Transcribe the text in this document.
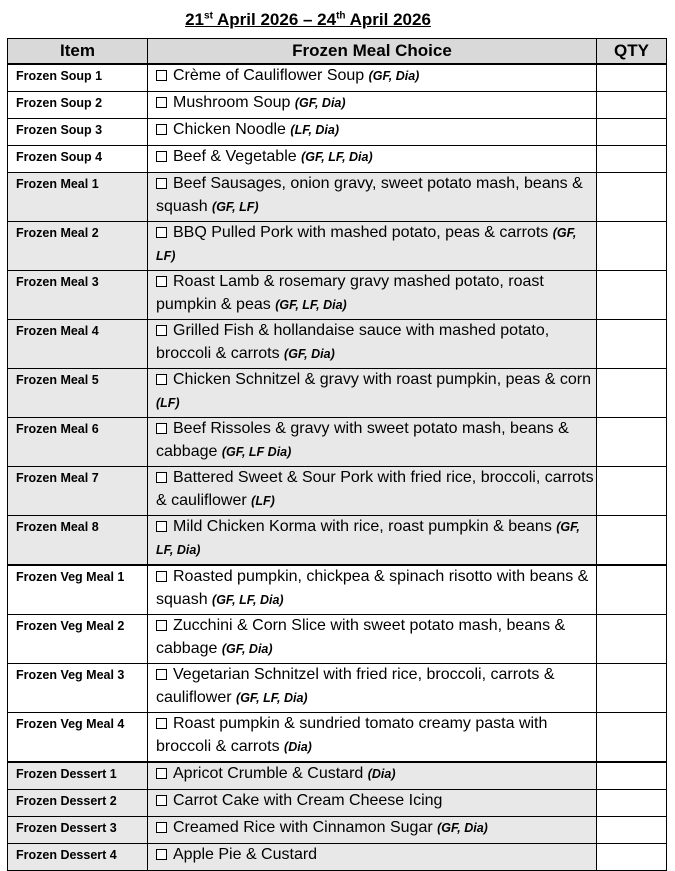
21st April 2026 – 24th April 2026
Item	Frozen Meal Choice	QTY
Frozen Soup 1	Crème of Cauliflower Soup (GF, Dia)	
Frozen Soup 2	Mushroom Soup (GF, Dia)	
Frozen Soup 3	Chicken Noodle (LF, Dia)	
Frozen Soup 4	Beef & Vegetable (GF, LF, Dia)	
Frozen Meal 1	Beef Sausages, onion gravy, sweet potato mash, beans & squash (GF, LF)	
Frozen Meal 2	BBQ Pulled Pork with mashed potato, peas & carrots (GF, LF)	
Frozen Meal 3	Roast Lamb & rosemary gravy mashed potato, roast pumpkin & peas (GF, LF, Dia)	
Frozen Meal 4	Grilled Fish & hollandaise sauce with mashed potato, broccoli & carrots (GF, Dia)	
Frozen Meal 5	Chicken Schnitzel & gravy with roast pumpkin, peas & corn (LF)	
Frozen Meal 6	Beef Rissoles & gravy with sweet potato mash, beans & cabbage (GF, LF Dia)	
Frozen Meal 7	Battered Sweet & Sour Pork with fried rice, broccoli, carrots & cauliflower (LF)	
Frozen Meal 8	Mild Chicken Korma with rice, roast pumpkin & beans (GF, LF, Dia)	
Frozen Veg Meal 1	Roasted pumpkin, chickpea & spinach risotto with beans & squash (GF, LF, Dia)	
Frozen Veg Meal 2	Zucchini & Corn Slice with sweet potato mash, beans & cabbage (GF, Dia)	
Frozen Veg Meal 3	Vegetarian Schnitzel with fried rice, broccoli, carrots & cauliflower (GF, LF, Dia)	
Frozen Veg Meal 4	Roast pumpkin & sundried tomato creamy pasta with broccoli & carrots (Dia)	
Frozen Dessert 1	Apricot Crumble & Custard (Dia)	
Frozen Dessert 2	Carrot Cake with Cream Cheese Icing	
Frozen Dessert 3	Creamed Rice with Cinnamon Sugar (GF, Dia)	
Frozen Dessert 4	Apple Pie & Custard	
